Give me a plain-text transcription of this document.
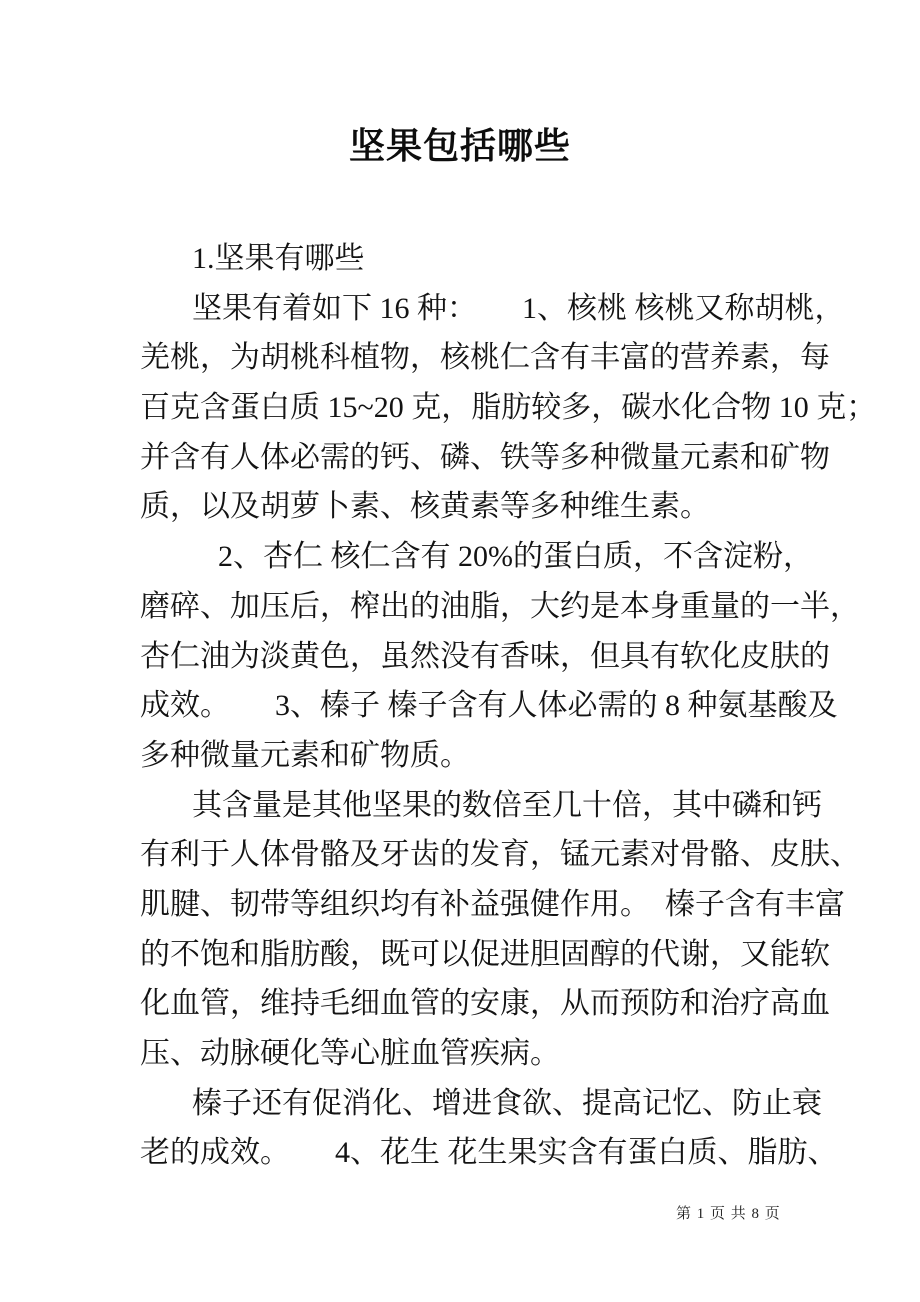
坚果包括哪些
1.坚果有哪些
坚果有着如下 16 种：　　1、核桃 核桃又称胡桃，
羌桃，为胡桃科植物，核桃仁含有丰富的营养素，每
百克含蛋白质 15~20 克，脂肪较多，碳水化合物 10 克；
并含有人体必需的钙、磷、铁等多种微量元素和矿物
质，以及胡萝卜素、核黄素等多种维生素。
2、杏仁 核仁含有 20%的蛋白质，不含淀粉，
磨碎、加压后，榨出的油脂，大约是本身重量的一半，
杏仁油为淡黄色，虽然没有香味，但具有软化皮肤的
成效。　　3、榛子 榛子含有人体必需的 8 种氨基酸及
多种微量元素和矿物质。
其含量是其他坚果的数倍至几十倍，其中磷和钙
有利于人体骨骼及牙齿的发育，锰元素对骨骼、皮肤、
肌腱、韧带等组织均有补益强健作用。　榛子含有丰富
的不饱和脂肪酸，既可以促进胆固醇的代谢，又能软
化血管，维持毛细血管的安康，从而预防和治疗高血
压、动脉硬化等心脏血管疾病。
榛子还有促消化、增进食欲、提高记忆、防止衰
老的成效。　　4、花生 花生果实含有蛋白质、脂肪、
第 1 页 共 8 页
